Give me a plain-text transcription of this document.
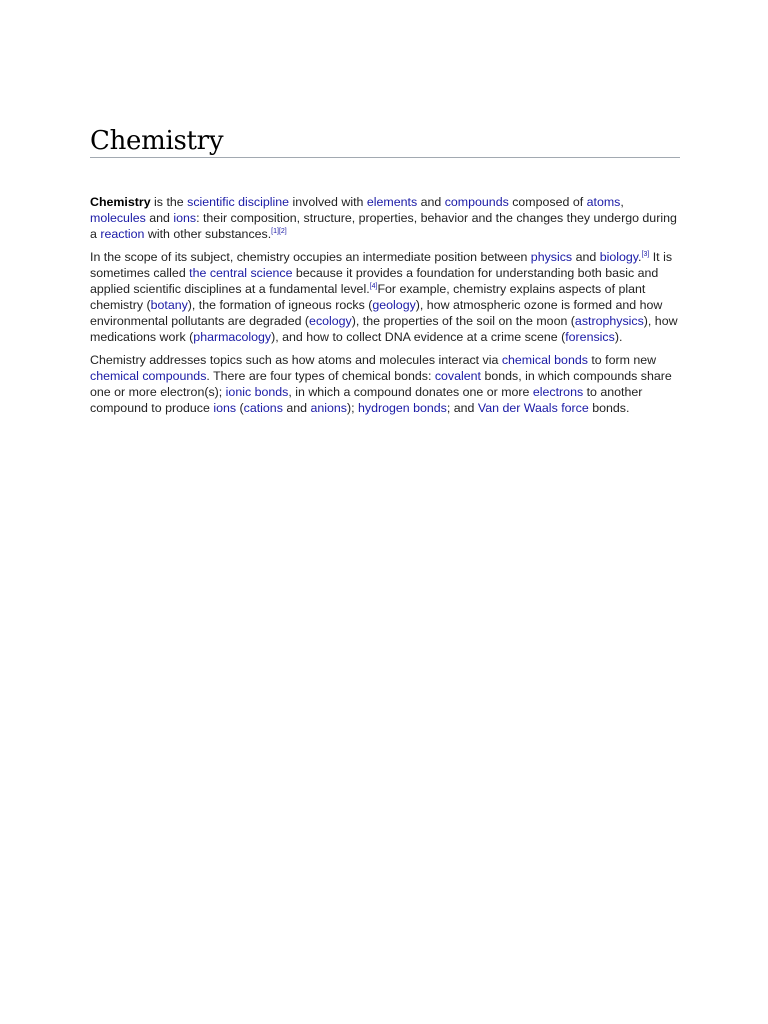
Chemistry

Chemistry is the scientific discipline involved with elements and compounds composed of atoms, molecules and ions: their composition, structure, properties, behavior and the changes they undergo during a reaction with other substances.[1][2]

In the scope of its subject, chemistry occupies an intermediate position between physics and biology.[3] It is sometimes called the central science because it provides a foundation for understanding both basic and applied scientific disciplines at a fundamental level.[4]For example, chemistry explains aspects of plant chemistry (botany), the formation of igneous rocks (geology), how atmospheric ozone is formed and how environmental pollutants are degraded (ecology), the properties of the soil on the moon (astrophysics), how medications work (pharmacology), and how to collect DNA evidence at a crime scene (forensics).

Chemistry addresses topics such as how atoms and molecules interact via chemical bonds to form new chemical compounds. There are four types of chemical bonds: covalent bonds, in which compounds share one or more electron(s); ionic bonds, in which a compound donates one or more electrons to another compound to produce ions (cations and anions); hydrogen bonds; and Van der Waals force bonds.
